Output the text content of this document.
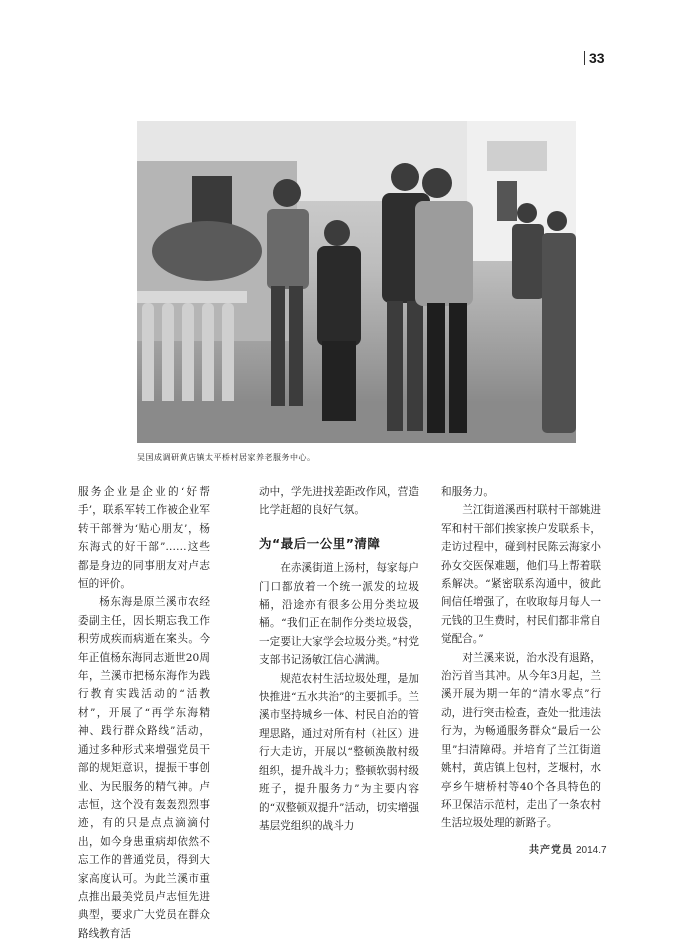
33
吴国成调研黄店镇太平桥村居家养老服务中心。

服务企业是企业的‘好帮手’，联系军转工作被企业军转干部誉为‘贴心朋友’，杨东海式的好干部”……这些都是身边的同事朋友对卢志恒的评价。

杨东海是原兰溪市农经委副主任，因长期忘我工作积劳成疾而病逝在案头。今年正值杨东海同志逝世20周年，兰溪市把杨东海作为践行教育实践活动的“活教材”，开展了“再学东海精神、践行群众路线”活动，通过多种形式来增强党员干部的规矩意识，提振干事创业、为民服务的精气神。卢志恒，这个没有轰轰烈烈事迹，有的只是点点滴滴付出，如今身患重病却依然不忘工作的普通党员，得到大家高度认可。为此兰溪市重点推出最美党员卢志恒先进典型，要求广大党员在群众路线教育活

动中，学先进找差距改作风，营造比学赶超的良好气氛。

为“最后一公里”清障

在赤溪街道上汤村，每家每户门口都放着一个统一派发的垃圾桶，沿途亦有很多公用分类垃圾桶。“我们正在制作分类垃圾袋，一定要让大家学会垃圾分类。”村党支部书记汤敏江信心满满。

规范农村生活垃圾处理，是加快推进“五水共治”的主要抓手。兰溪市坚持城乡一体、村民自治的管理思路，通过对所有村（社区）进行大走访，开展以“整顿涣散村级组织，提升战斗力；整顿软弱村级班子，提升服务力”为主要内容的“双整顿双提升”活动，切实增强基层党组织的战斗力

和服务力。

兰江街道溪西村联村干部姚进军和村干部们挨家挨户发联系卡，走访过程中，碰到村民陈云海家小孙女交医保难题，他们马上帮着联系解决。“紧密联系沟通中，彼此间信任增强了，在收取每月每人一元钱的卫生费时，村民们都非常自觉配合。”

对兰溪来说，治水没有退路，治污首当其冲。从今年3月起，兰溪开展为期一年的“清水零点”行动，进行突击检查，查处一批违法行为，为畅通服务群众“最后一公里”扫清障碍。并培育了兰江街道姚村，黄店镇上包村，芝堰村，水亭乡午塘桥村等40个各具特色的环卫保洁示范村，走出了一条农村生活垃圾处理的新路子。

共产党员 2014.7
